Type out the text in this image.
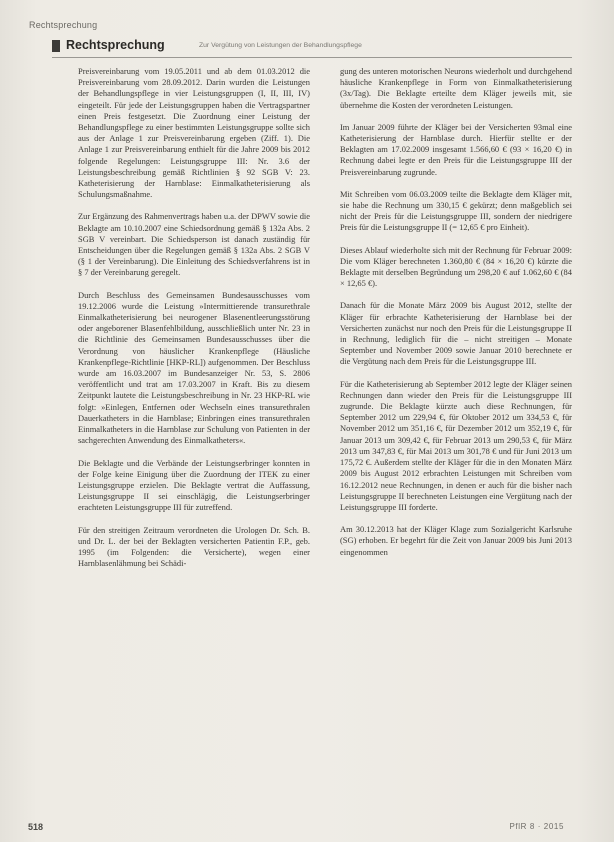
Rechtsprechung
Rechtsprechung	Zur Vergütung von Leistungen der Behandlungspflege

Preisvereinbarung vom 19.05.2011 und ab dem 01.03.2012 die Preisvereinbarung vom 28.09.2012. Darin wurden die Leistungen der Behandlungspflege in vier Leistungsgruppen (I, II, III, IV) eingeteilt. Für jede der Leistungsgruppen haben die Vertragspartner einen Preis festgesetzt. Die Zuordnung einer Leistung der Behandlungspflege zu einer bestimmten Leistungsgruppe sollte sich aus der Anlage 1 zur Preisvereinbarung ergeben (Ziff. 1). Die Anlage 1 zur Preisvereinbarung enthielt für die Jahre 2009 bis 2012 folgende Regelungen: Leistungsgruppe III: Nr. 3.6 der Leistungsbeschreibung gemäß Richtlinien § 92 SGB V: 23. Katheterisierung der Harnblase: Einmalkatheterisierung als Schulungsmaßnahme.

Zur Ergänzung des Rahmenvertrags haben u.a. der DPWV sowie die Beklagte am 10.10.2007 eine Schiedsordnung gemäß § 132a Abs. 2 SGB V vereinbart. Die Schiedsperson ist danach zuständig für Entscheidungen über die Regelungen gemäß § 132a Abs. 2 SGB V (§ 1 der Vereinbarung). Die Einleitung des Schiedsverfahrens ist in § 7 der Vereinbarung geregelt.

Durch Beschluss des Gemeinsamen Bundesausschusses vom 19.12.2006 wurde die Leistung »Intermittierende transurethrale Einmalkatheterisierung bei neurogener Blasenentleerungsstörung oder angeborener Blasenfehlbildung, ausschließlich unter Nr. 23 in die Richtlinie des Gemeinsamen Bundesausschusses über die Verordnung von häuslicher Krankenpflege (Häusliche Krankenpflege-Richtlinie [HKP-RL]) aufgenommen. Der Beschluss wurde am 16.03.2007 im Bundesanzeiger Nr. 53, S. 2806 veröffentlicht und trat am 17.03.2007 in Kraft. Bis zu diesem Zeitpunkt lautete die Leistungsbeschreibung in Nr. 23 HKP-RL wie folgt: »Einlegen, Entfernen oder Wechseln eines transurethralen Dauerkatheters in die Harnblase; Einbringen eines transurethralen Einmalkatheters in die Harnblase zur Schulung von Patienten in der sachgerechten Anwendung des Einmalkatheters«.

Die Beklagte und die Verbände der Leistungserbringer konnten in der Folge keine Einigung über die Zuordnung der ITEK zu einer Leistungsgruppe erzielen. Die Beklagte vertrat die Auffassung, Leistungsgruppe II sei einschlägig, die Leistungserbringer erachteten Leistungsgruppe III für zutreffend.

Für den streitigen Zeitraum verordneten die Urologen Dr. Sch. B. und Dr. L. der bei der Beklagten versicherten Patientin F.P., geb. 1995 (im Folgenden: die Versicherte), wegen einer Harnblasenlähmung bei Schädi-

gung des unteren motorischen Neurons wiederholt und durchgehend häusliche Krankenpflege in Form von Einmalkatheterisierung (3x/Tag). Die Beklagte erteilte dem Kläger jeweils mit, sie übernehme die Kosten der verordneten Leistungen.

Im Januar 2009 führte der Kläger bei der Versicherten 93mal eine Katheterisierung der Harnblase durch. Hierfür stellte er der Beklagten am 17.02.2009 insgesamt 1.566,60 € (93 × 16,20 €) in Rechnung dabei legte er den Preis für die Leistungsgruppe III der Preisvereinbarung zugrunde.

Mit Schreiben vom 06.03.2009 teilte die Beklagte dem Kläger mit, sie habe die Rechnung um 330,15 € gekürzt; denn maßgeblich sei nicht der Preis für die Leistungsgruppe III, sondern der niedrigere Preis für die Leistungsgruppe II (= 12,65 € pro Einheit).

Dieses Ablauf wiederholte sich mit der Rechnung für Februar 2009: Die vom Kläger berechneten 1.360,80 € (84 × 16,20 €) kürzte die Beklagte mit derselben Begründung um 298,20 € auf 1.062,60 € (84 × 12,65 €).

Danach für die Monate März 2009 bis August 2012, stellte der Kläger für erbrachte Katheterisierung der Harnblase bei der Versicherten zunächst nur noch den Preis für die Leistungsgruppe II in Rechnung, lediglich für die – nicht streitigen – Monate September und November 2009 sowie Januar 2010 berechnete er die Vergütung nach dem Preis für die Leistungsgruppe III.

Für die Katheterisierung ab September 2012 legte der Kläger seinen Rechnungen dann wieder den Preis für die Leistungsgruppe III zugrunde. Die Beklagte kürzte auch diese Rechnungen, für September 2012 um 229,94 €, für Oktober 2012 um 334,53 €, für November 2012 um 351,16 €, für Dezember 2012 um 352,19 €, für Januar 2013 um 309,42 €, für Februar 2013 um 290,53 €, für März 2013 um 347,83 €, für Mai 2013 um 301,78 € und für Juni 2013 um 175,72 €. Außerdem stellte der Kläger für die in den Monaten März 2009 bis August 2012 erbrachten Leistungen mit Schreiben vom 16.12.2012 neue Rechnungen, in denen er auch für die bisher nach Leistungsgruppe II berechneten Leistungen eine Vergütung nach der Leistungsgruppe III forderte.

Am 30.12.2013 hat der Kläger Klage zum Sozialgericht Karlsruhe (SG) erhoben. Er begehrt für die Zeit von Januar 2009 bis Juni 2013 eingenommen

518	PflR 8 · 2015
